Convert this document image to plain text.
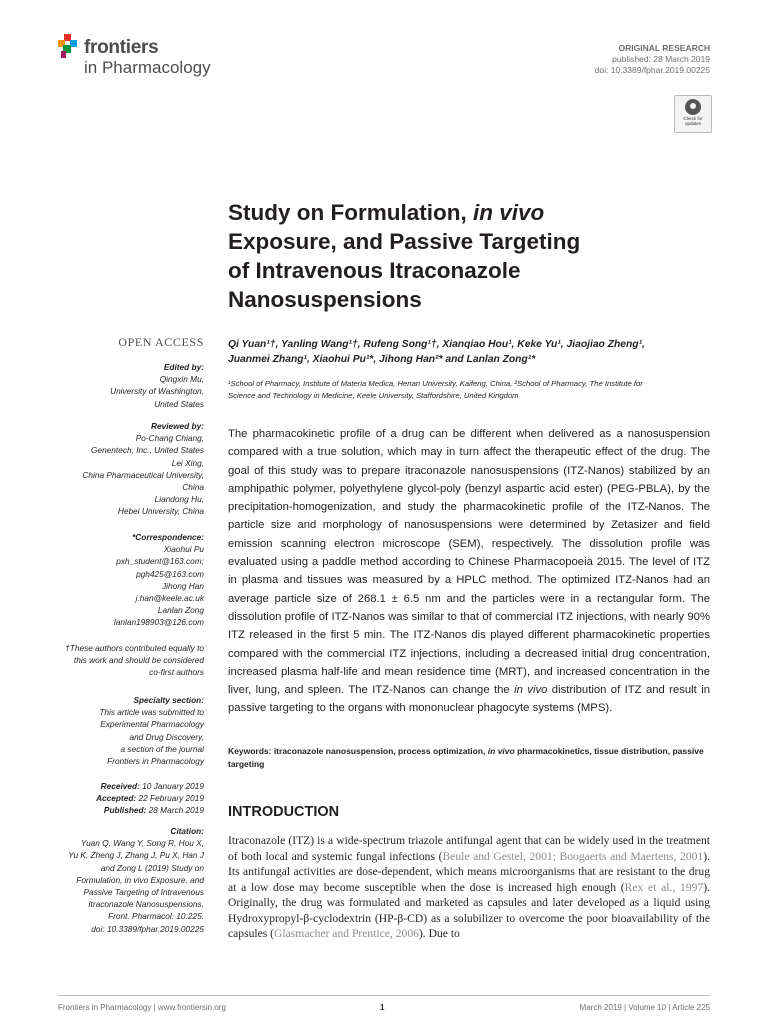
frontiers
in Pharmacology
ORIGINAL RESEARCH
published: 28 March 2019
doi: 10.3389/fphar.2019.00225
Check for updates
Study on Formulation, in vivo
Exposure, and Passive Targeting
of Intravenous Itraconazole
Nanosuspensions
OPEN ACCESS
Edited by:
Qingxin Mu,
University of Washington,
United States
Reviewed by:
Po-Chang Chiang,
Genentech, Inc., United States
Lei Xing,
China Pharmaceutical University,
China
Liandong Hu,
Hebei University, China
*Correspondence:
Xiaohui Pu
pxh_student@163.com;
pgh425@163.com
Jihong Han
j.han@keele.ac.uk
Lanlan Zong
lanlan198903@126.com
†These authors contributed equally to
this work and should be considered
co-first authors
Specialty section:
This article was submitted to
Experimental Pharmacology
and Drug Discovery,
a section of the journal
Frontiers in Pharmacology
Received: 10 January 2019
Accepted: 22 February 2019
Published: 28 March 2019
Citation:
Yuan Q, Wang Y, Song R, Hou X,
Yu K, Zheng J, Zhang J, Pu X, Han J
and Zong L (2019) Study on
Formulation, in vivo Exposure, and
Passive Targeting of Intravenous
Itraconazole Nanosuspensions.
Front. Pharmacol. 10:225.
doi: 10.3389/fphar.2019.00225
Qi Yuan¹†, Yanling Wang¹†, Rufeng Song¹†, Xianqiao Hou¹, Keke Yu¹, Jiaojiao Zheng¹,
Juanmei Zhang¹, Xiaohui Pu¹*, Jihong Han²* and Lanlan Zong¹*
¹School of Pharmacy, Institute of Materia Medica, Henan University, Kaifeng, China, ²School of Pharmacy, The Institute for
Science and Technology in Medicine, Keele University, Staffordshire, United Kingdom
The pharmacokinetic profile of a drug can be different when delivered as a nanosuspension compared with a true solution, which may in turn affect the therapeutic effect of the drug. The goal of this study was to prepare itraconazole nanosuspensions (ITZ-Nanos) stabilized by an amphipathic polymer, polyethylene glycol-poly (benzyl aspartic acid ester) (PEG-PBLA), by the precipitation-homogenization, and study the pharmacokinetic profile of the ITZ-Nanos. The particle size and morphology of nanosuspensions were determined by Zetasizer and field emission scanning electron microscope (SEM), respectively. The dissolution profile was evaluated using a paddle method according to Chinese Pharmacopoeia 2015. The level of ITZ in plasma and tissues was measured by a HPLC method. The optimized ITZ-Nanos had an average particle size of 268.1 ± 6.5 nm and the particles were in a rectangular form. The dissolution profile of ITZ-Nanos was similar to that of commercial ITZ injections, with nearly 90% ITZ released in the first 5 min. The ITZ-Nanos dis played different pharmacokinetic properties compared with the commercial ITZ injections, including a decreased initial drug concentration, increased plasma half-life and mean residence time (MRT), and increased concentration in the liver, lung, and spleen. The ITZ-Nanos can change the in vivo distribution of ITZ and result in passive targeting to the organs with mononuclear phagocyte systems (MPS).
Keywords: itraconazole nanosuspension, process optimization, in vivo pharmacokinetics, tissue distribution, passive targeting
INTRODUCTION
Itraconazole (ITZ) is a wide-spectrum triazole antifungal agent that can be widely used in the treatment of both local and systemic fungal infections (Beule and Gestel, 2001; Boogaerts and Maertens, 2001). Its antifungal activities are dose-dependent, which means microorganisms that are resistant to the drug at a low dose may become susceptible when the dose is increased high enough (Rex et al., 1997). Originally, the drug was formulated and marketed as capsules and later developed as a liquid using Hydroxypropyl-β-cyclodextrin (HP-β-CD) as a solubilizer to overcome the poor bioavailability of the capsules (Glasmacher and Prentice, 2006). Due to
Frontiers in Pharmacology | www.frontiersin.org	1	March 2019 | Volume 10 | Article 225
